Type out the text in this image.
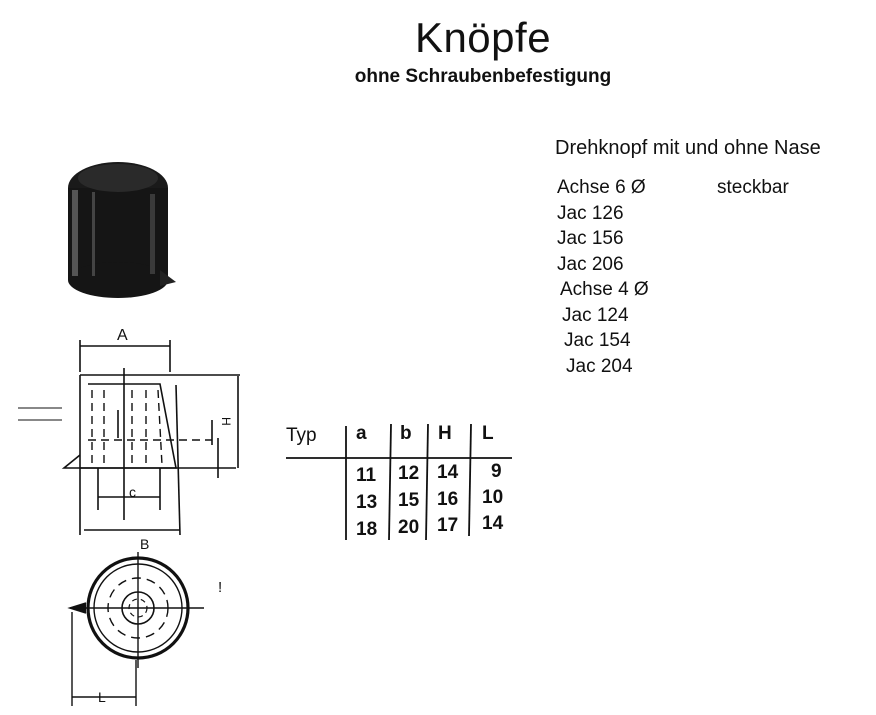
Knöpfe
ohne Schraubenbefestigung
Drehknopf mit und ohne Nase
Achse 6 Ø	steckbar
Jac 126
Jac 156
Jac 206
Achse 4 Ø
Jac 124
Jac 154
Jac 204
A
c
B
H
L
!
Typ a b H L
11 12 14 9
13 15 16 10
18 20 17 14
